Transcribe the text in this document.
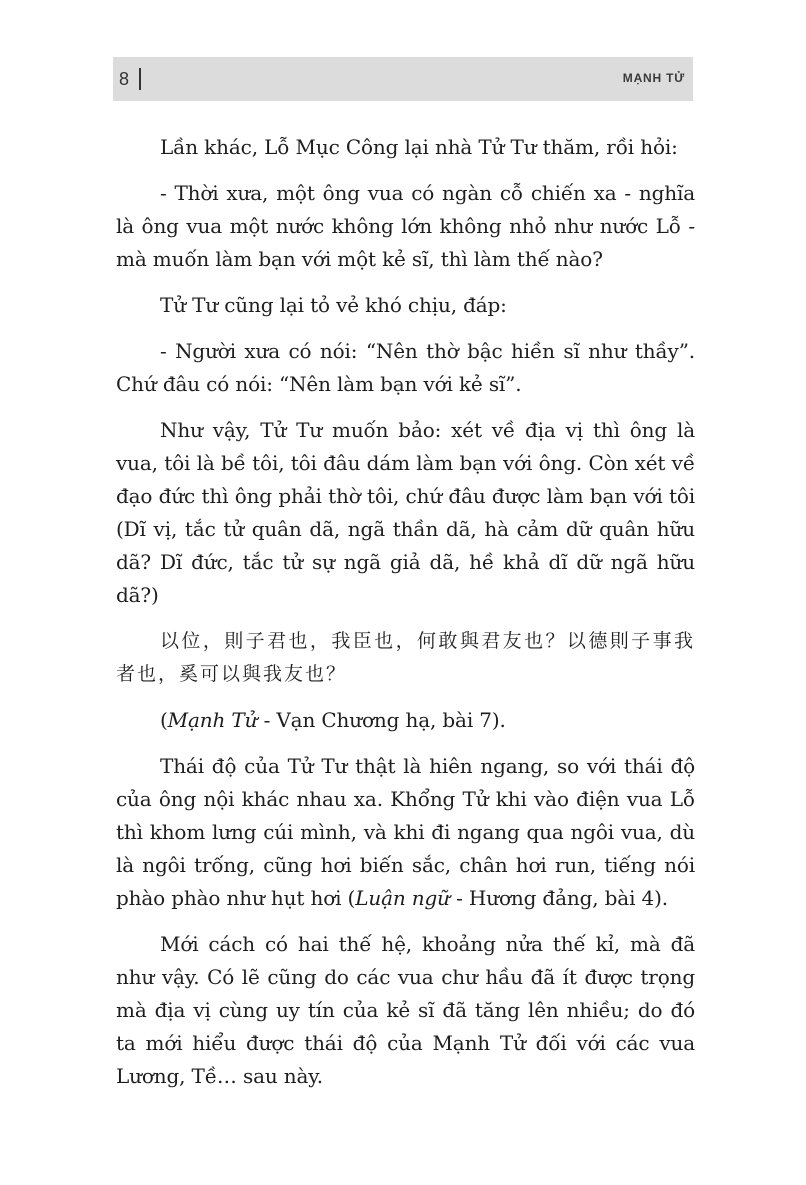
8	MẠNH TỬ

Lần khác, Lỗ Mục Công lại nhà Tử Tư thăm, rồi hỏi:

- Thời xưa, một ông vua có ngàn cỗ chiến xa - nghĩa là ông vua một nước không lớn không nhỏ như nước Lỗ - mà muốn làm bạn với một kẻ sĩ, thì làm thế nào?

Tử Tư cũng lại tỏ vẻ khó chịu, đáp:

- Người xưa có nói: “Nên thờ bậc hiền sĩ như thầy”. Chứ đâu có nói: “Nên làm bạn với kẻ sĩ”.

Như vậy, Tử Tư muốn bảo: xét về địa vị thì ông là vua, tôi là bề tôi, tôi đâu dám làm bạn với ông. Còn xét về đạo đức thì ông phải thờ tôi, chứ đâu được làm bạn với tôi (Dĩ vị, tắc tử quân dã, ngã thần dã, hà cảm dữ quân hữu dã? Dĩ đức, tắc tử sự ngã giả dã, hề khả dĩ dữ ngã hữu dã?)

以位，則子君也，我臣也，何敢與君友也？以德則子事我者也，奚可以與我友也？

(Mạnh Tử - Vạn Chương hạ, bài 7).

Thái độ của Tử Tư thật là hiên ngang, so với thái độ của ông nội khác nhau xa. Khổng Tử khi vào điện vua Lỗ thì khom lưng cúi mình, và khi đi ngang qua ngôi vua, dù là ngôi trống, cũng hơi biến sắc, chân hơi run, tiếng nói phào phào như hụt hơi (Luận ngữ - Hương đảng, bài 4).

Mới cách có hai thế hệ, khoảng nửa thế kỉ, mà đã như vậy. Có lẽ cũng do các vua chư hầu đã ít được trọng mà địa vị cùng uy tín của kẻ sĩ đã tăng lên nhiều; do đó ta mới hiểu được thái độ của Mạnh Tử đối với các vua Lương, Tề… sau này.
